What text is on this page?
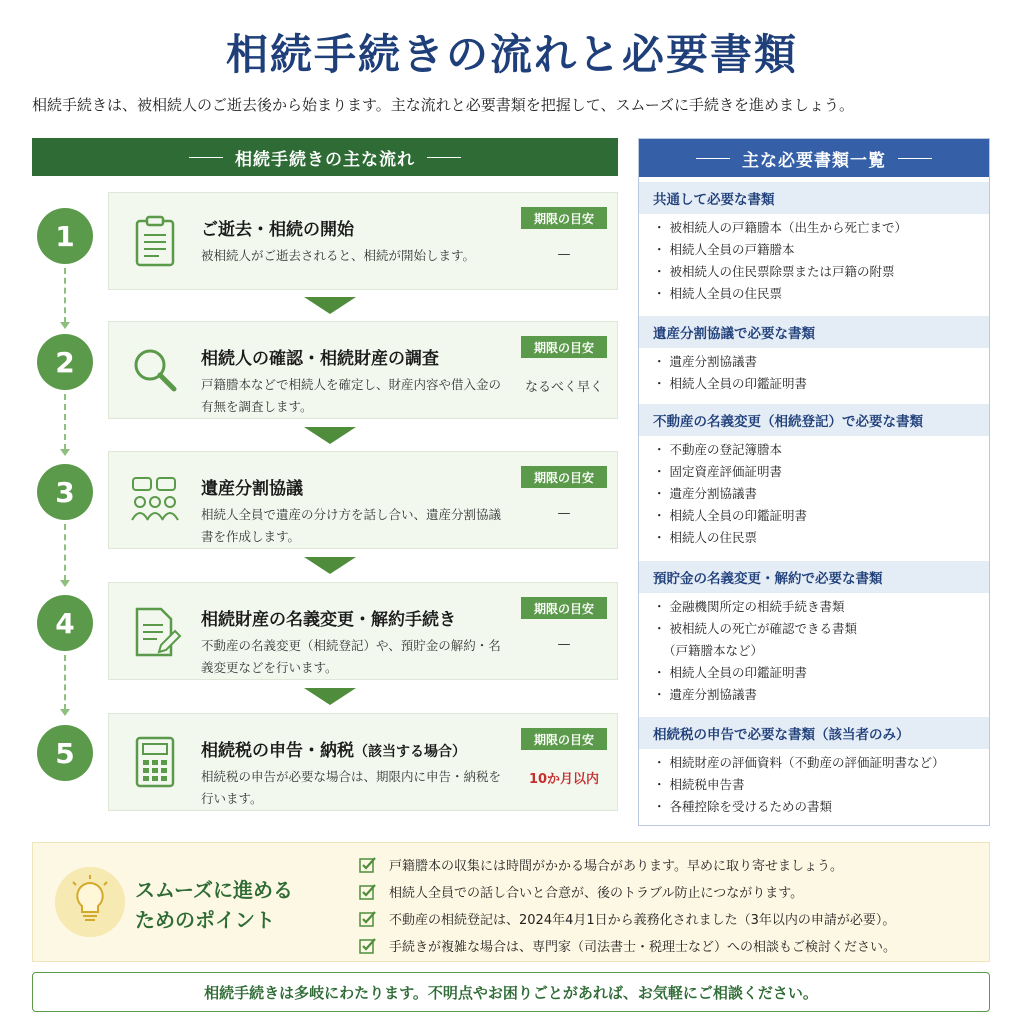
相続手続きの流れと必要書類

相続手続きは、被相続人のご逝去後から始まります。主な流れと必要書類を把握して、スムーズに手続きを進めましょう。

相続手続きの主な流れ
1
2
3
4
5
ご逝去・相続の開始
被相続人がご逝去されると、相続が開始します。
期限の目安
—
相続人の確認・相続財産の調査
戸籍謄本などで相続人を確定し、財産内容や借入金の有無を調査します。
期限の目安
なるべく早く
遺産分割協議
相続人全員で遺産の分け方を話し合い、遺産分割協議書を作成します。
期限の目安
—
相続財産の名義変更・解約手続き
不動産の名義変更（相続登記）や、預貯金の解約・名義変更などを行います。
期限の目安
—
相続税の申告・納税（該当する場合）
相続税の申告が必要な場合は、期限内に申告・納税を行います。
期限の目安
10か月以内
主な必要書類一覧
共通して必要な書類
・ 被相続人の戸籍謄本（出生から死亡まで）
・ 相続人全員の戸籍謄本
・ 被相続人の住民票除票または戸籍の附票
・ 相続人全員の住民票
遺産分割協議で必要な書類
・ 遺産分割協議書
・ 相続人全員の印鑑証明書
不動産の名義変更（相続登記）で必要な書類
・ 不動産の登記簿謄本
・ 固定資産評価証明書
・ 遺産分割協議書
・ 相続人全員の印鑑証明書
・ 相続人の住民票
預貯金の名義変更・解約で必要な書類
・ 金融機関所定の相続手続き書類
・ 被相続人の死亡が確認できる書類
（戸籍謄本など）
・ 相続人全員の印鑑証明書
・ 遺産分割協議書
相続税の申告で必要な書類（該当者のみ）
・ 相続財産の評価資料（不動産の評価証明書など）
・ 相続税申告書
・ 各種控除を受けるための書類
スムーズに進める
ためのポイント
戸籍謄本の収集には時間がかかる場合があります。早めに取り寄せましょう。
相続人全員での話し合いと合意が、後のトラブル防止につながります。
不動産の相続登記は、2024年4月1日から義務化されました（3年以内の申請が必要）。
手続きが複雑な場合は、専門家（司法書士・税理士など）への相談もご検討ください。
相続手続きは多岐にわたります。不明点やお困りごとがあれば、お気軽にご相談ください。
